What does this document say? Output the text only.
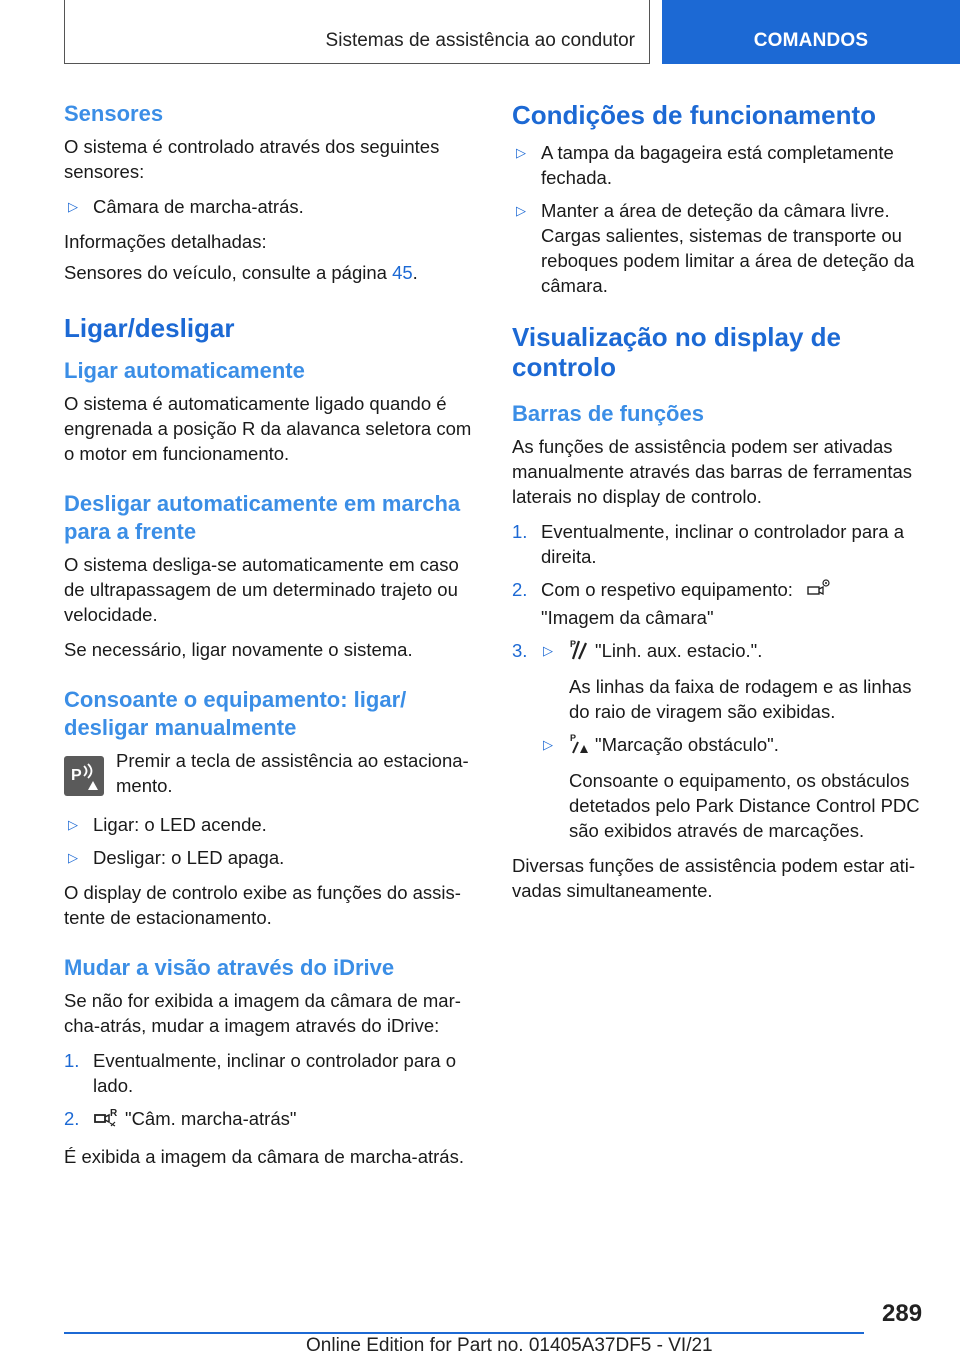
Sistemas de assistência ao condutor	COMANDOS
Sensores

O sistema é controlado através dos seguintes sensores:

▷ Câmara de marcha-atrás.

Informações detalhadas:

Sensores do veículo, consulte a página 45.

Ligar/desligar
Ligar automaticamente

O sistema é automaticamente ligado quando é engrenada a posição R da alavanca seletora com o motor em funcionamento.

Desligar automaticamente em marcha para a frente

O sistema desliga-se automaticamente em caso de ultrapassagem de um determinado trajeto ou velocidade.

Se necessário, ligar novamente o sistema.

Consoante o equipamento: ligar/ desligar manualmente
P
Premir a tecla de assistência ao estaciona- mento.
▷ Ligar: o LED acende.
▷ Desligar: o LED apaga.

O display de controlo exibe as funções do assis- tente de estacionamento.

Mudar a visão através do iDrive

Se não for exibida a imagem da câmara de mar- cha-atrás, mudar a imagem através do iDrive:

1. Eventualmente, inclinar o controlador para o lado.
2.	R "Câm. marcha-atrás"

É exibida a imagem da câmara de marcha-atrás.

Condições de funcionamento
▷ A tampa da bagageira está completamente fechada.
▷ Manter a área de deteção da câmara livre. Cargas salientes, sistemas de transporte ou reboques podem limitar a área de deteção da câmara.
Visualização no display de controlo
Barras de funções

As funções de assistência podem ser ativadas manualmente através das barras de ferramentas laterais no display de controlo.

1. Eventualmente, inclinar o controlador para a direita.
2. Com o respetivo equipamento:
"Imagem da câmara"
3. ▷ P "Linh. aux. estacio.".
As linhas da faixa de rodagem e as linhas do raio de viragem são exibidas.
▷ P "Marcação obstáculo".
Consoante o equipamento, os obstáculos detetados pelo Park Distance Control PDC são exibidos através de marcações.

Diversas funções de assistência podem estar ati- vadas simultaneamente.

289
Online Edition for Part no. 01405A37DF5 - VI/21
